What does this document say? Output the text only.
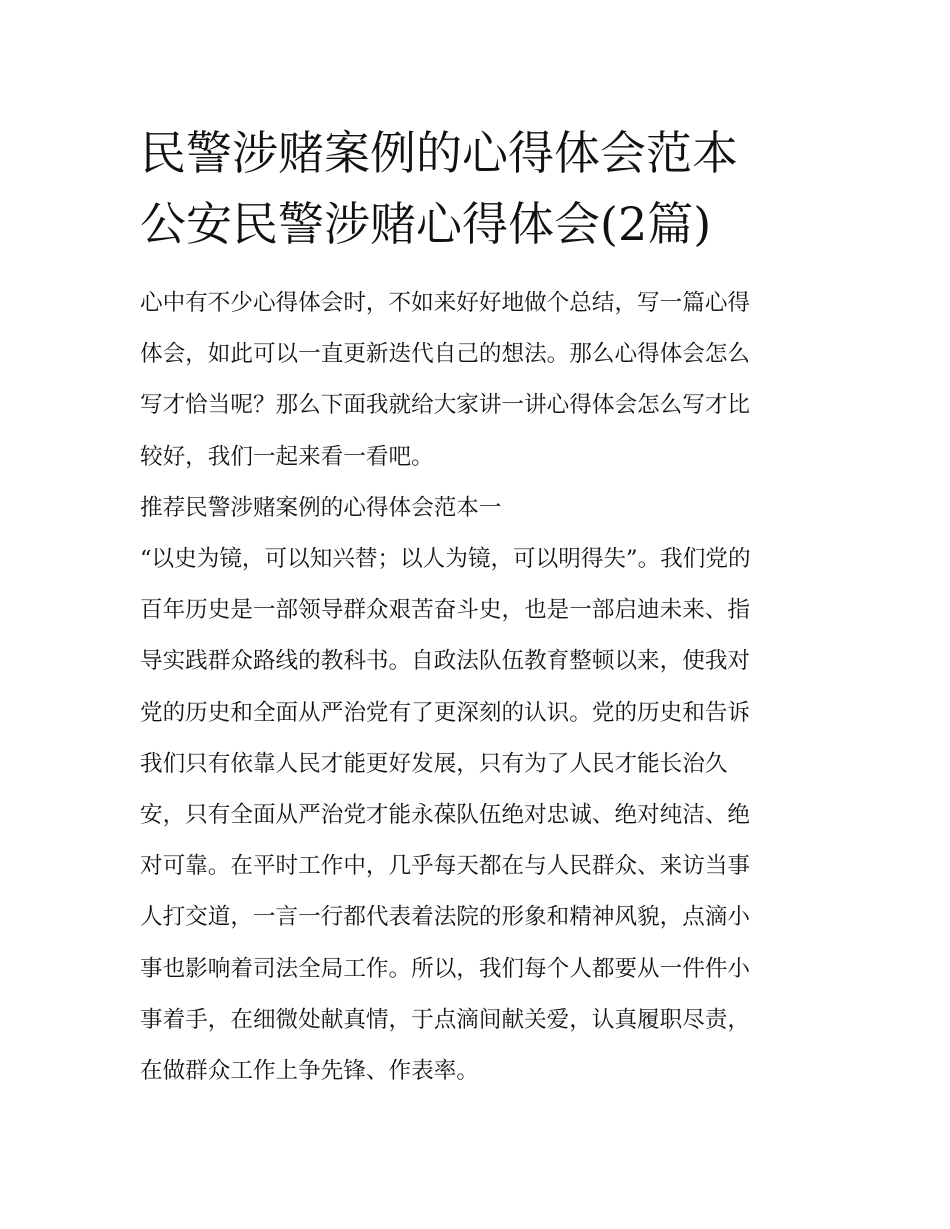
民警涉赌案例的心得体会范本
公安民警涉赌心得体会(2篇)

心中有不少心得体会时，不如来好好地做个总结，写一篇心得
体会，如此可以一直更新迭代自己的想法。那么心得体会怎么
写才恰当呢？那么下面我就给大家讲一讲心得体会怎么写才比
较好，我们一起来看一看吧。

推荐民警涉赌案例的心得体会范本一

“以史为镜，可以知兴替；以人为镜，可以明得失”。我们党的
百年历史是一部领导群众艰苦奋斗史，也是一部启迪未来、指
导实践群众路线的教科书。自政法队伍教育整顿以来，使我对
党的历史和全面从严治党有了更深刻的认识。党的历史和告诉
我们只有依靠人民才能更好发展，只有为了人民才能长治久
安，只有全面从严治党才能永葆队伍绝对忠诚、绝对纯洁、绝
对可靠。在平时工作中，几乎每天都在与人民群众、来访当事
人打交道，一言一行都代表着法院的形象和精神风貌，点滴小
事也影响着司法全局工作。所以，我们每个人都要从一件件小
事着手，在细微处献真情，于点滴间献关爱，认真履职尽责，
在做群众工作上争先锋、作表率。
